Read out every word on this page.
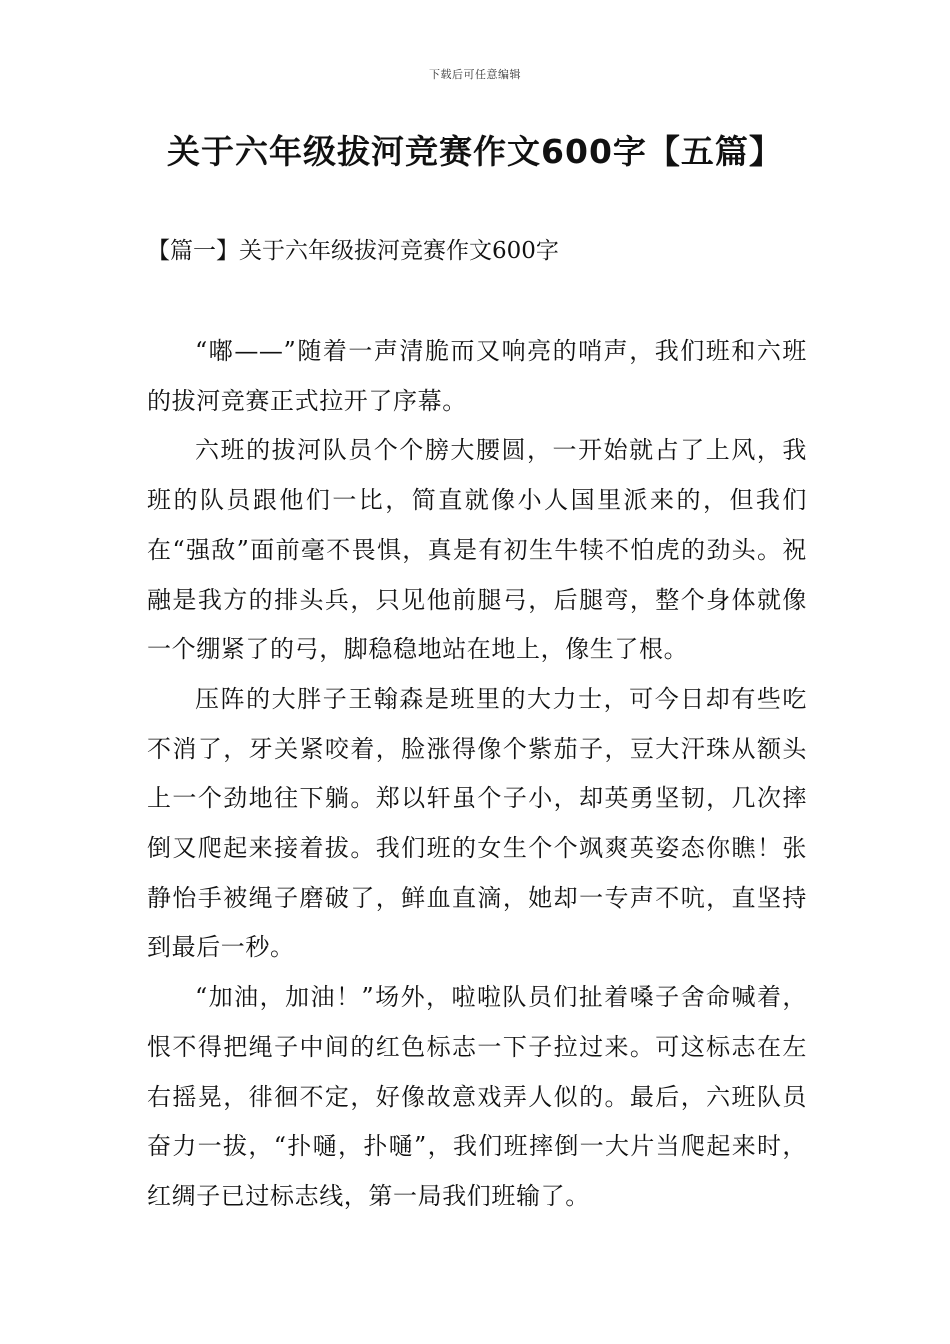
下载后可任意编辑
关于六年级拔河竞赛作文600字【五篇】
【篇一】关于六年级拔河竞赛作文600字

“嘟——”随着一声清脆而又响亮的哨声，我们班和六班的拔河竞赛正式拉开了序幕。

六班的拔河队员个个膀大腰圆，一开始就占了上风，我班的队员跟他们一比，简直就像小人国里派来的，但我们在“强敌”面前毫不畏惧，真是有初生牛犊不怕虎的劲头。祝融是我方的排头兵，只见他前腿弓，后腿弯，整个身体就像一个绷紧了的弓，脚稳稳地站在地上，像生了根。

压阵的大胖子王翰森是班里的大力士，可今日却有些吃不消了，牙关紧咬着，脸涨得像个紫茄子，豆大汗珠从额头上一个劲地往下躺。郑以轩虽个子小，却英勇坚韧，几次摔倒又爬起来接着拔。我们班的女生个个飒爽英姿态你瞧！张静怡手被绳子磨破了，鲜血直滴，她却一专声不吭，直坚持到最后一秒。

“加油，加油！”场外，啦啦队员们扯着嗓子舍命喊着，恨不得把绳子中间的红色标志一下子拉过来。可这标志在左右摇晃，徘徊不定，好像故意戏弄人似的。最后，六班队员奋力一拔，“扑嗵，扑嗵”，我们班摔倒一大片当爬起来时，红绸子已过标志线，第一局我们班输了。
